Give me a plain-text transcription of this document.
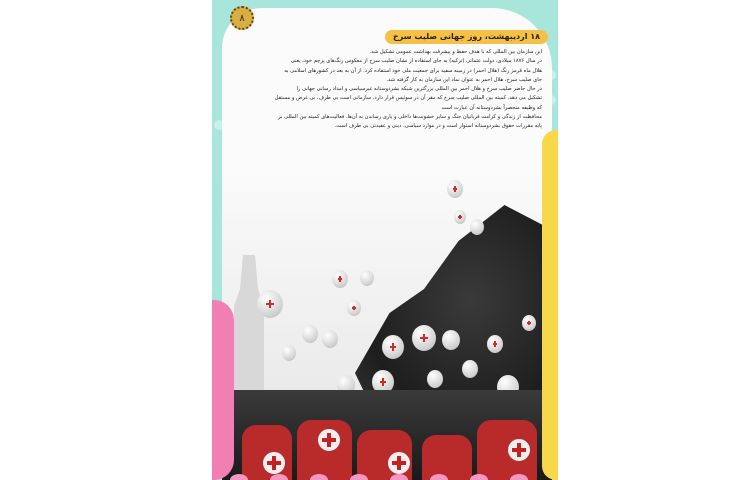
۸
۱۸ اردیبهشت، روز جهانی صلیب سرخ

این سازمان بین المللی که با هدف حفظ و پیشرفت بهداشت عمومی تشکیل شد.

در سال ۱۸۷۶ میلادی، دولت عثمانی (ترکیه) به جای استفاده از نشان صلیب سرخ از معکوس رنگ‌های پرچم خود، یعنی

هلال ماه قرمز رنگ (هلال احمر) در زمینه سفید برای جمعیت ملی خود استفاده کرد. از آن به بعد در کشورهای اسلامی به

جای صلیب سرخ، هلال احمر به عنوان نماد این سازمان به کار گرفته شد.

در حال حاضر صلیب سرخ و هلال احمر بین المللی بزرگترین شبکه بشردوستانه غیرسیاسی و امداد رسانی جهانی را

تشکیل می دهد. کمیته بین المللی صلیب سرخ که مقر آن در سوئیس قرار دارد، سازمانی است بی طرف، بی غرض و مستقل

که وظیفه منحصراً بشردوستانه آن عبارت است

محافظت از زندگی و کرامت قربانیان جنگ و سایر خشونت‌ها داخلی و یاری رساندن به آن‌ها. فعالیت‌های کمیته بین المللی بر

پایه مقررات حقوق بشردوستانه استوار است و در موارد سیاسی، دینی و عقیدتی بی طرف است.
